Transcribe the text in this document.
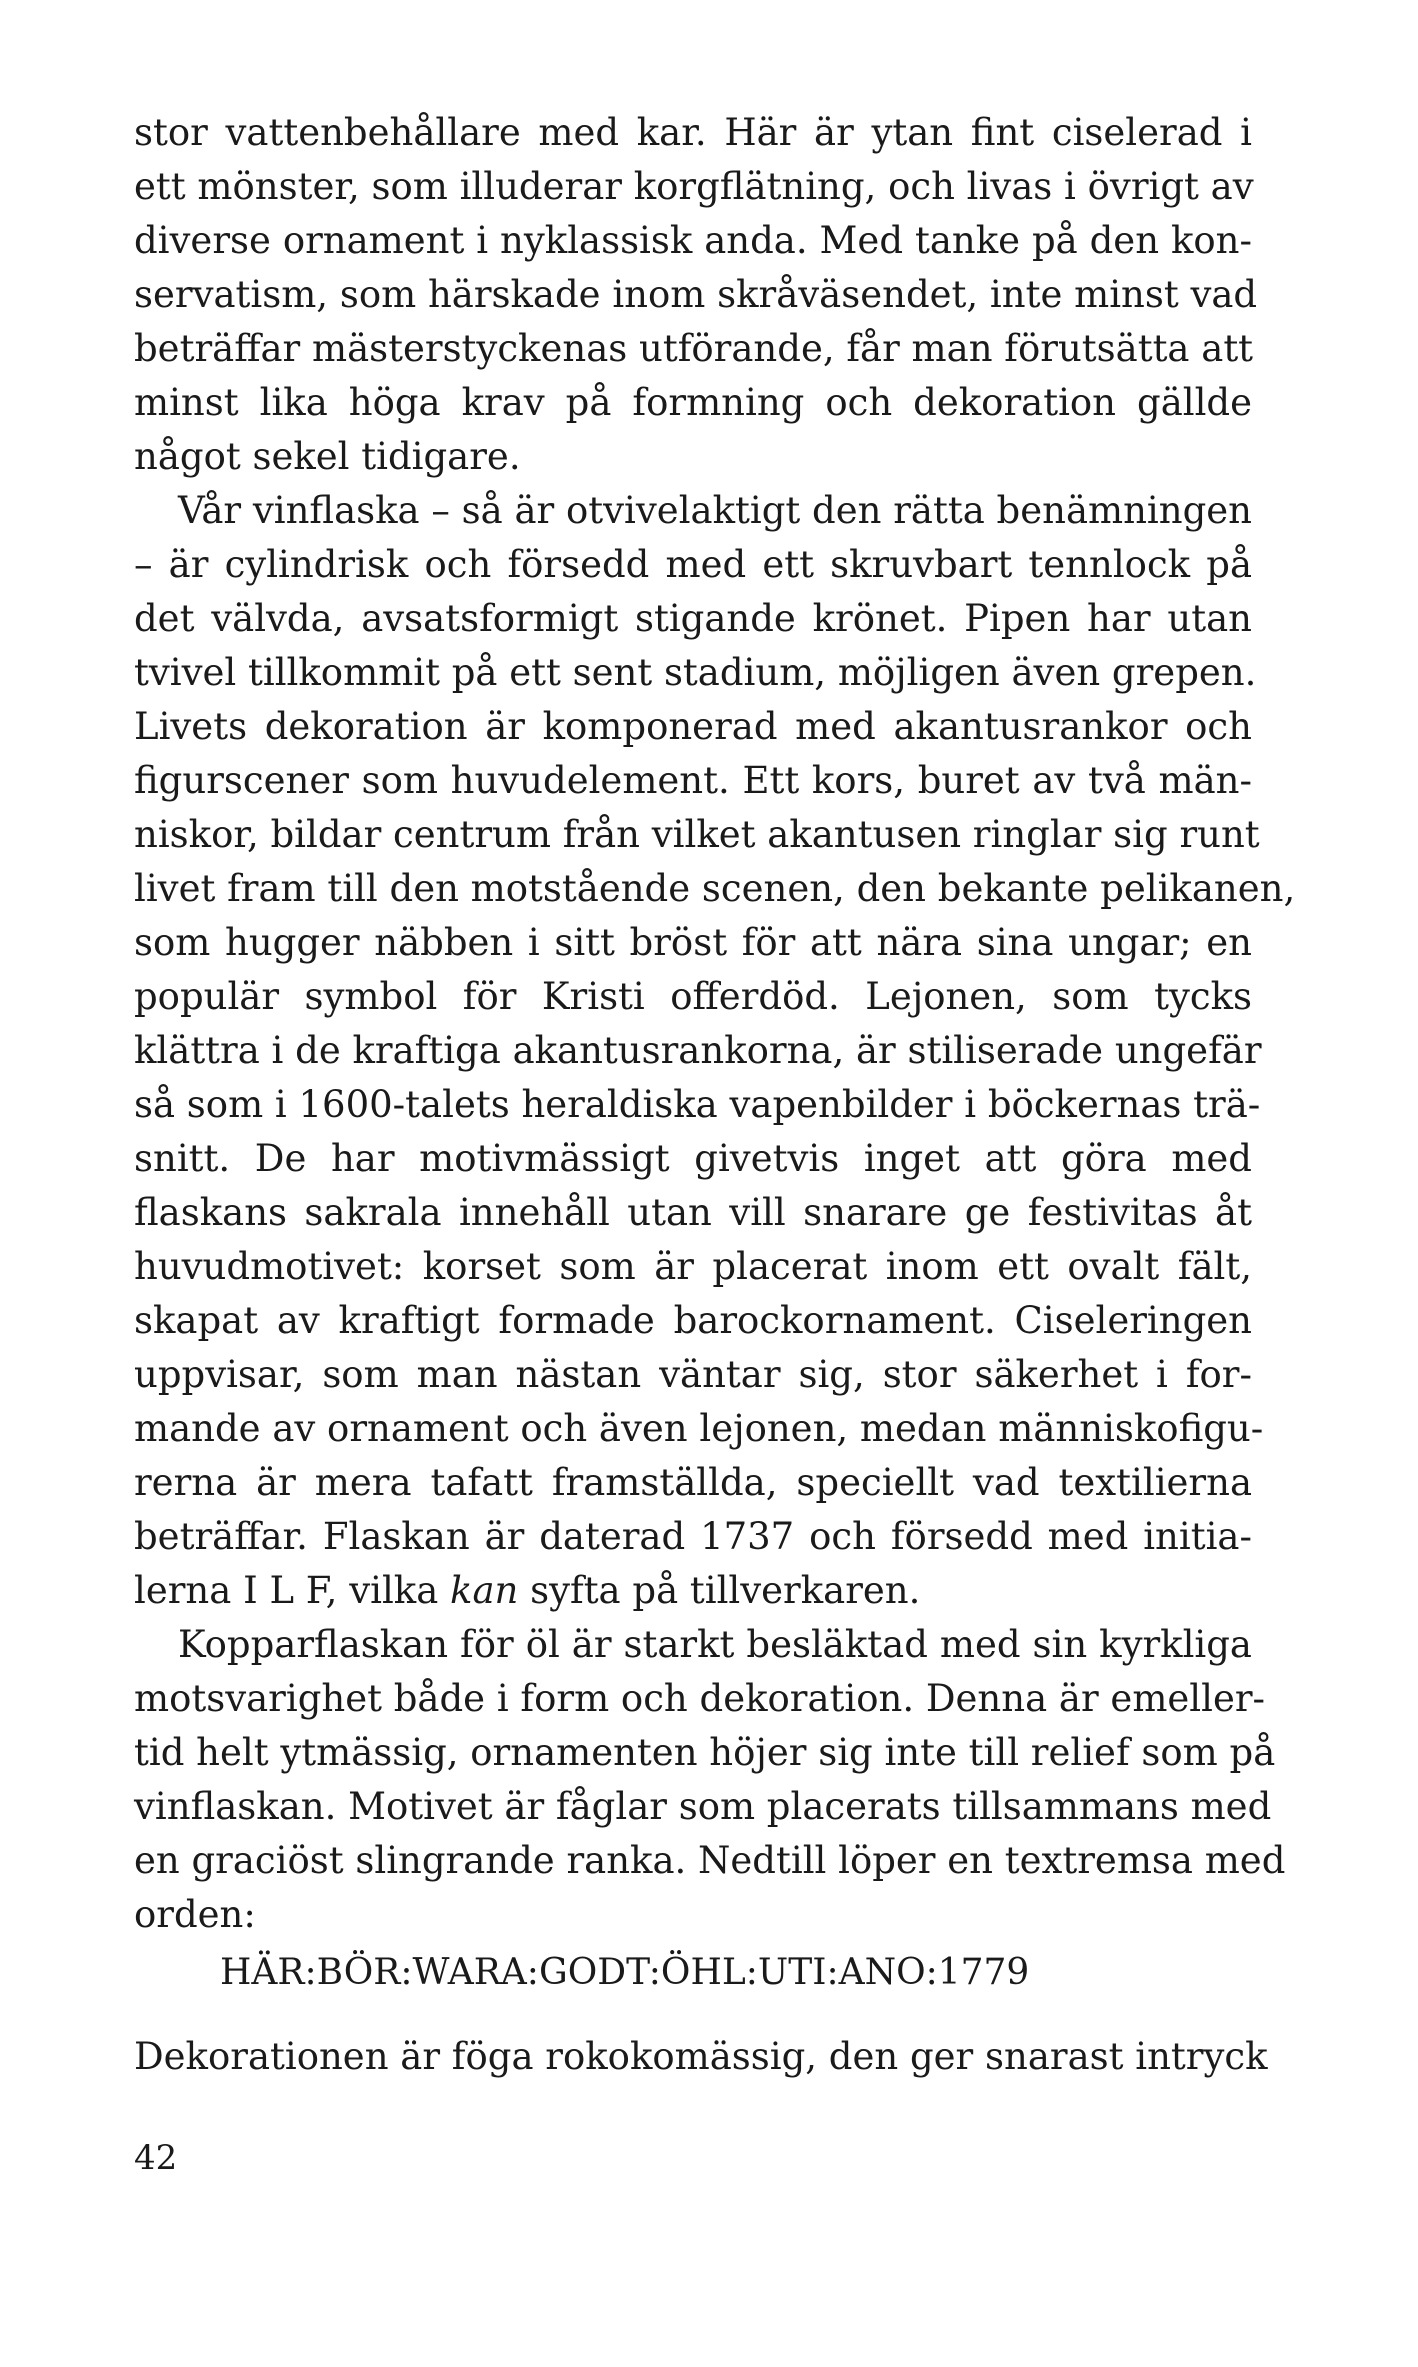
stor vattenbehållare med kar. Här är ytan fint ciselerad i
ett mönster, som illuderar korgflätning, och livas i övrigt av
diverse ornament i nyklassisk anda. Med tanke på den kon-
servatism, som härskade inom skråväsendet, inte minst vad
beträffar mästerstyckenas utförande, får man förutsätta att
minst lika höga krav på formning och dekoration gällde
något sekel tidigare.
Vår vinflaska – så är otvivelaktigt den rätta benämningen
– är cylindrisk och försedd med ett skruvbart tennlock på
det välvda, avsatsformigt stigande krönet. Pipen har utan
tvivel tillkommit på ett sent stadium, möjligen även grepen.
Livets dekoration är komponerad med akantusrankor och
figurscener som huvudelement. Ett kors, buret av två män-
niskor, bildar centrum från vilket akantusen ringlar sig runt
livet fram till den motstående scenen, den bekante pelikanen,
som hugger näbben i sitt bröst för att nära sina ungar; en
populär symbol för Kristi offerdöd. Lejonen, som tycks
klättra i de kraftiga akantusrankorna, är stiliserade ungefär
så som i 1600-talets heraldiska vapenbilder i böckernas trä-
snitt. De har motivmässigt givetvis inget att göra med
flaskans sakrala innehåll utan vill snarare ge festivitas åt
huvudmotivet: korset som är placerat inom ett ovalt fält,
skapat av kraftigt formade barockornament. Ciseleringen
uppvisar, som man nästan väntar sig, stor säkerhet i for-
mande av ornament och även lejonen, medan människofigu-
rerna är mera tafatt framställda, speciellt vad textilierna
beträffar. Flaskan är daterad 1737 och försedd med initia-
lerna I L F, vilka kan syfta på tillverkaren.
Kopparflaskan för öl är starkt besläktad med sin kyrkliga
motsvarighet både i form och dekoration. Denna är emeller-
tid helt ytmässig, ornamenten höjer sig inte till relief som på
vinflaskan. Motivet är fåglar som placerats tillsammans med
en graciöst slingrande ranka. Nedtill löper en textremsa med
orden:
HÄR:BÖR:WARA:GODT:ÖHL:UTI:ANO:1779
Dekorationen är föga rokokomässig, den ger snarast intryck
42
